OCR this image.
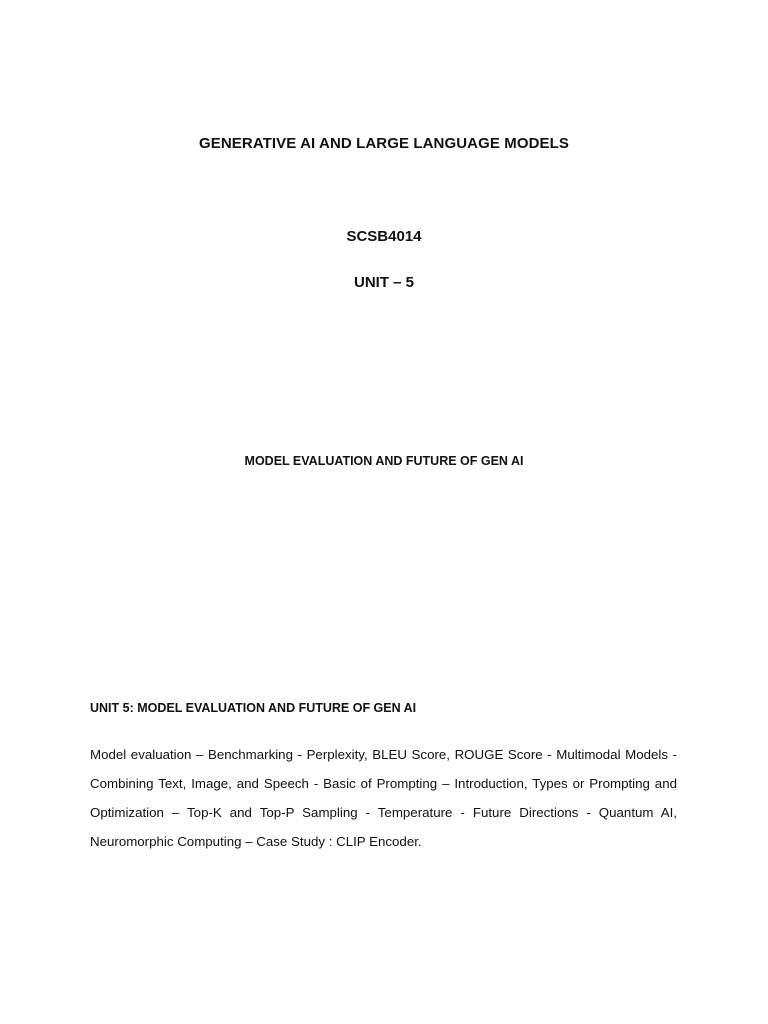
GENERATIVE AI AND LARGE LANGUAGE MODELS
SCSB4014
UNIT – 5
MODEL EVALUATION AND FUTURE OF GEN AI
UNIT 5: MODEL EVALUATION AND FUTURE OF GEN AI

Model evaluation – Benchmarking - Perplexity, BLEU Score, ROUGE Score - Multimodal Models - Combining Text, Image, and Speech - Basic of Prompting – Introduction, Types or Prompting and Optimization – Top-K and Top-P Sampling - Temperature - Future Directions - Quantum AI, Neuromorphic Computing – Case Study : CLIP Encoder.
